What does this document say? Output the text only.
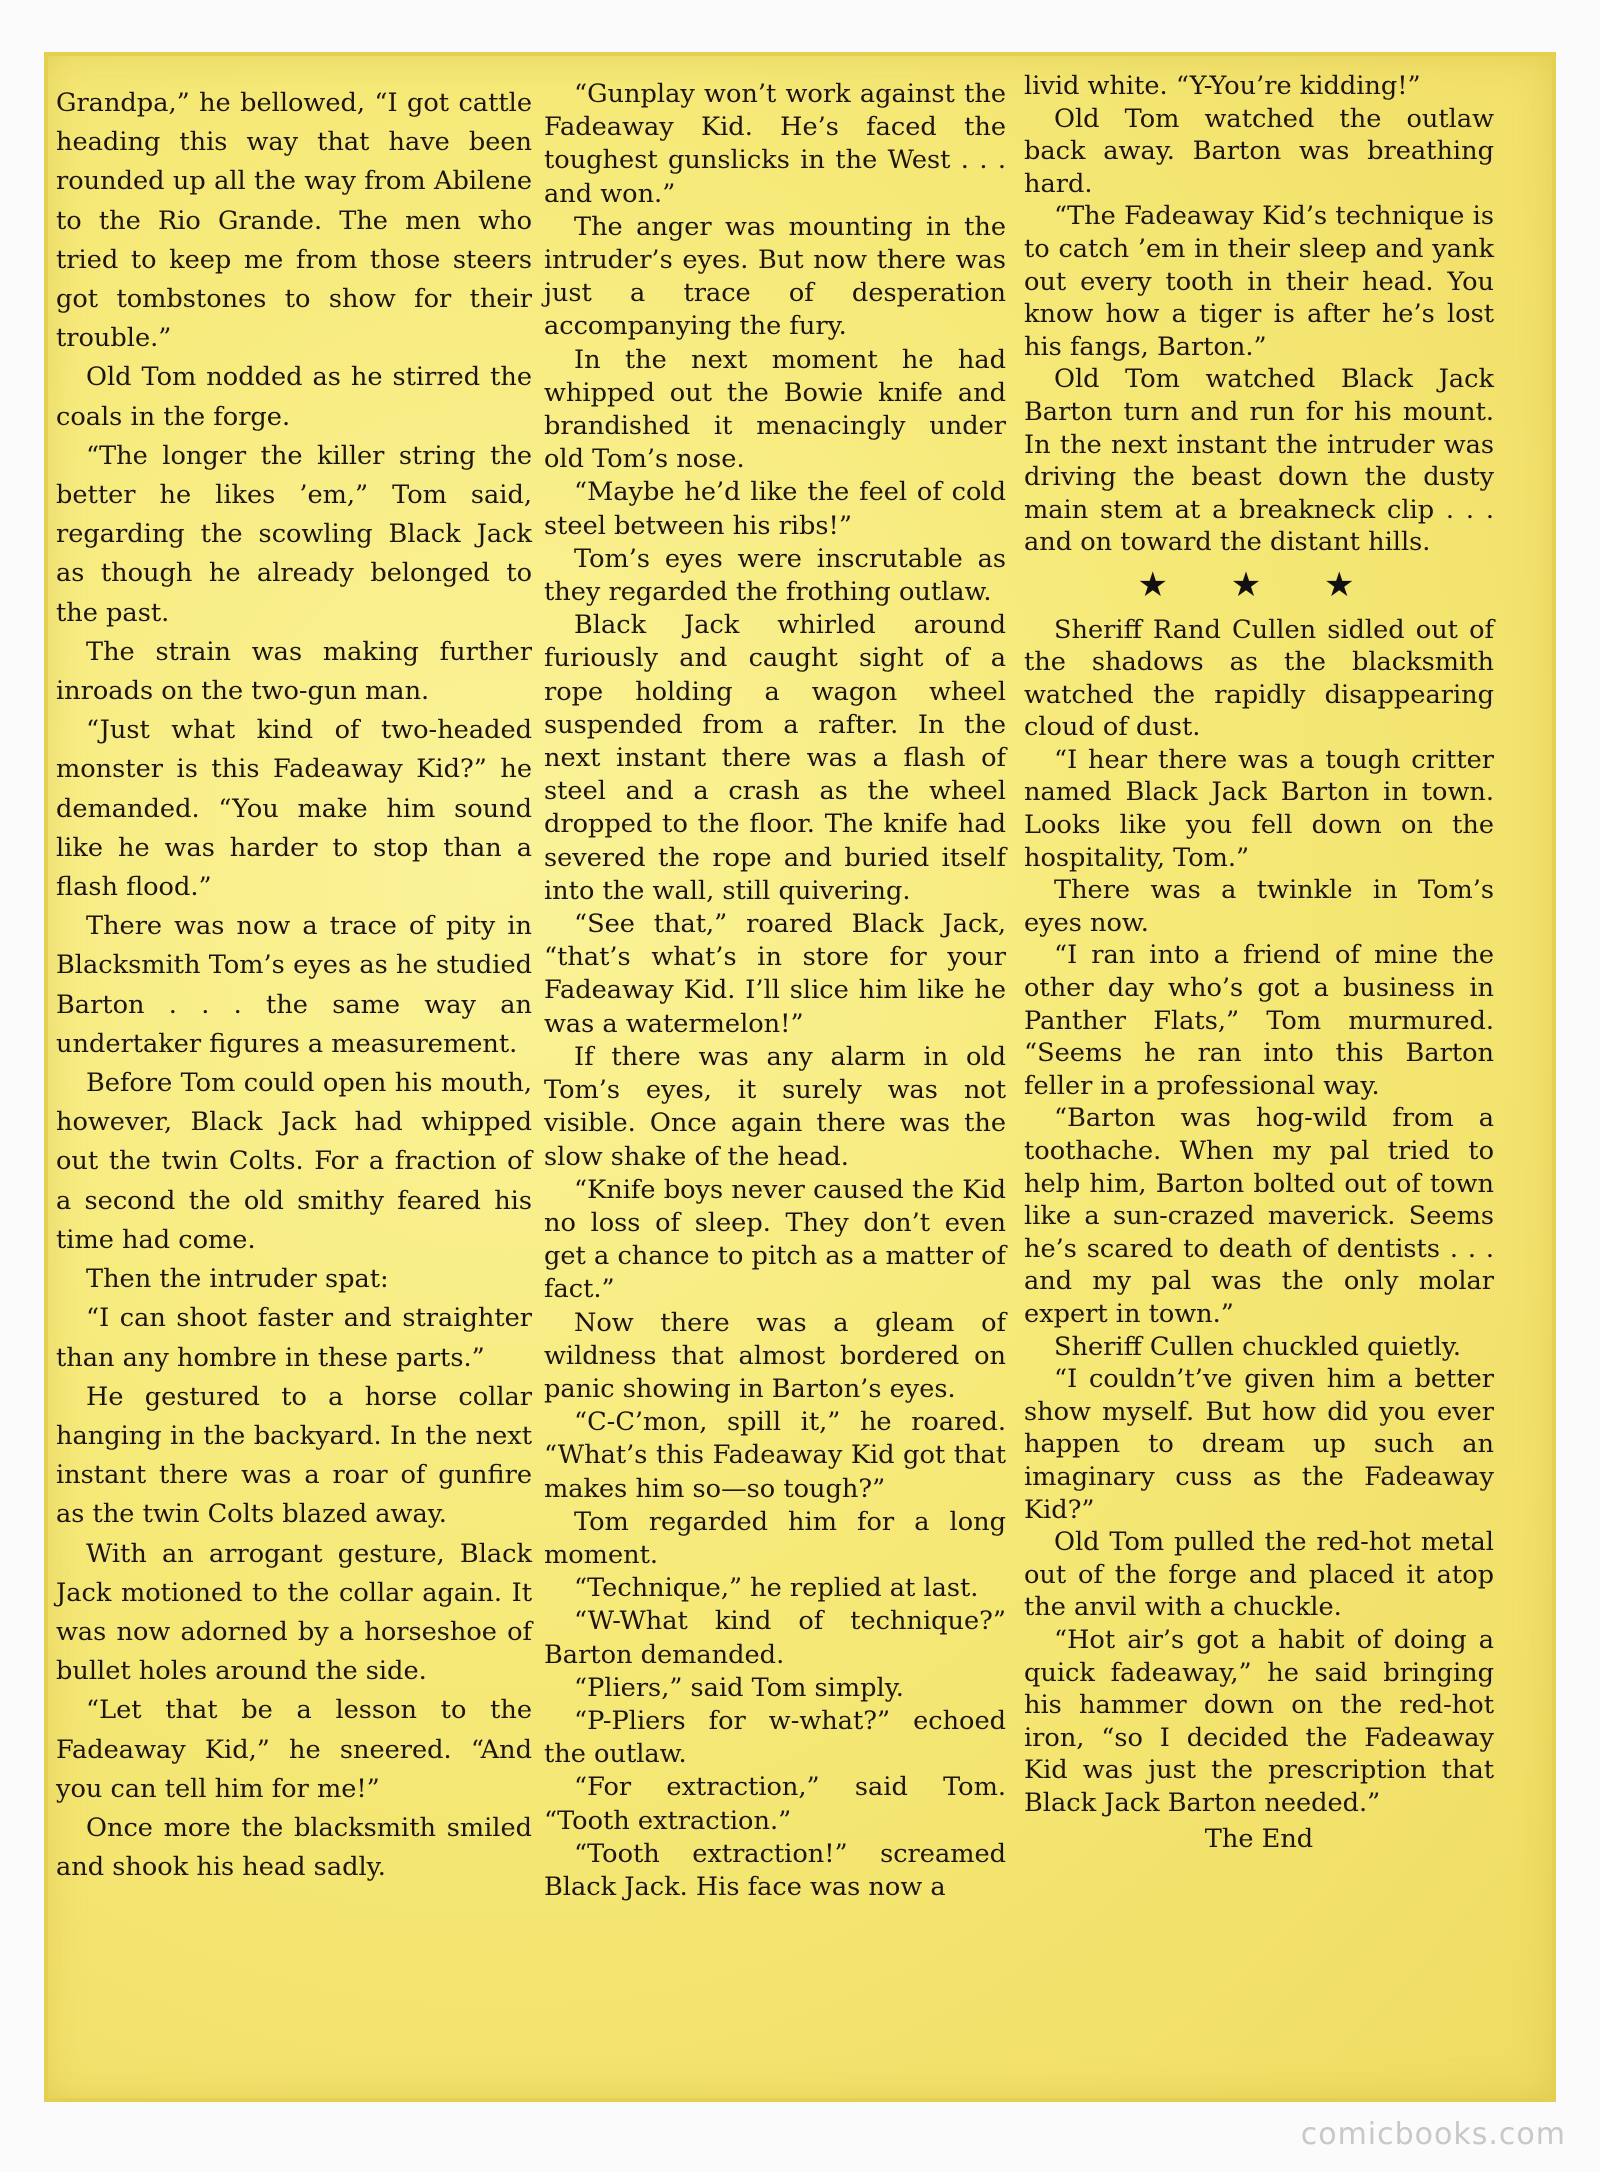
Grandpa,” he bellowed, “I got cattle heading this way that have been rounded up all the way from Abilene to the Rio Grande. The men who tried to keep me from those steers got tombstones to show for their trouble.”

Old Tom nodded as he stirred the coals in the forge.

“The longer the killer string the better he likes ’em,” Tom said, regarding the scowling Black Jack as though he already belonged to the past.

The strain was making further inroads on the two-gun man.

“Just what kind of two-headed monster is this Fadeaway Kid?” he demanded. “You make him sound like he was harder to stop than a flash flood.”

There was now a trace of pity in Blacksmith Tom’s eyes as he studied Barton . . . the same way an undertaker figures a measurement.

Before Tom could open his mouth, however, Black Jack had whipped out the twin Colts. For a fraction of a second the old smithy feared his time had come.

Then the intruder spat:

“I can shoot faster and straighter than any hombre in these parts.”

He gestured to a horse collar hanging in the backyard. In the next instant there was a roar of gunfire as the twin Colts blazed away.

With an arrogant gesture, Black Jack motioned to the collar again. It was now adorned by a horseshoe of bullet holes around the side.

“Let that be a lesson to the Fadeaway Kid,” he sneered. “And you can tell him for me!”

Once more the blacksmith smiled and shook his head sadly.

“Gunplay won’t work against the Fadeaway Kid. He’s faced the toughest gunslicks in the West . . . and won.”

The anger was mounting in the intruder’s eyes. But now there was just a trace of desperation accompanying the fury.

In the next moment he had whipped out the Bowie knife and brandished it menacingly under old Tom’s nose.

“Maybe he’d like the feel of cold steel between his ribs!”

Tom’s eyes were inscrutable as they regarded the frothing outlaw.

Black Jack whirled around furiously and caught sight of a rope holding a wagon wheel suspended from a rafter. In the next instant there was a flash of steel and a crash as the wheel dropped to the floor. The knife had severed the rope and buried itself into the wall, still quivering.

“See that,” roared Black Jack, “that’s what’s in store for your Fadeaway Kid. I’ll slice him like he was a watermelon!”

If there was any alarm in old Tom’s eyes, it surely was not visible. Once again there was the slow shake of the head.

“Knife boys never caused the Kid no loss of sleep. They don’t even get a chance to pitch as a matter of fact.”

Now there was a gleam of wildness that almost bordered on panic showing in Barton’s eyes.

“C-C’mon, spill it,” he roared. “What’s this Fadeaway Kid got that makes him so—so tough?”

Tom regarded him for a long moment.

“Technique,” he replied at last.

“W-What kind of technique?” Barton demanded.

“Pliers,” said Tom simply.

“P-Pliers for w-what?” echoed the outlaw.

“For extraction,” said Tom. “Tooth extraction.”

“Tooth extraction!” screamed Black Jack. His face was now a

livid white. “Y-You’re kidding!”

Old Tom watched the outlaw back away. Barton was breathing hard.

“The Fadeaway Kid’s technique is to catch ’em in their sleep and yank out every tooth in their head. You know how a tiger is after he’s lost his fangs, Barton.”

Old Tom watched Black Jack Barton turn and run for his mount. In the next instant the intruder was driving the beast down the dusty main stem at a breakneck clip . . . and on toward the distant hills.

★ ★ ★

Sheriff Rand Cullen sidled out of the shadows as the blacksmith watched the rapidly disappearing cloud of dust.

“I hear there was a tough critter named Black Jack Barton in town. Looks like you fell down on the hospitality, Tom.”

There was a twinkle in Tom’s eyes now.

“I ran into a friend of mine the other day who’s got a business in Panther Flats,” Tom murmured. “Seems he ran into this Barton feller in a professional way.

“Barton was hog-wild from a toothache. When my pal tried to help him, Barton bolted out of town like a sun-crazed maverick. Seems he’s scared to death of dentists . . . and my pal was the only molar expert in town.”

Sheriff Cullen chuckled quietly.

“I couldn’t’ve given him a better show myself. But how did you ever happen to dream up such an imaginary cuss as the Fadeaway Kid?”

Old Tom pulled the red-hot metal out of the forge and placed it atop the anvil with a chuckle.

“Hot air’s got a habit of doing a quick fadeaway,” he said bringing his hammer down on the red-hot iron, “so I decided the Fadeaway Kid was just the prescription that Black Jack Barton needed.”

The End
comicbooks.com
